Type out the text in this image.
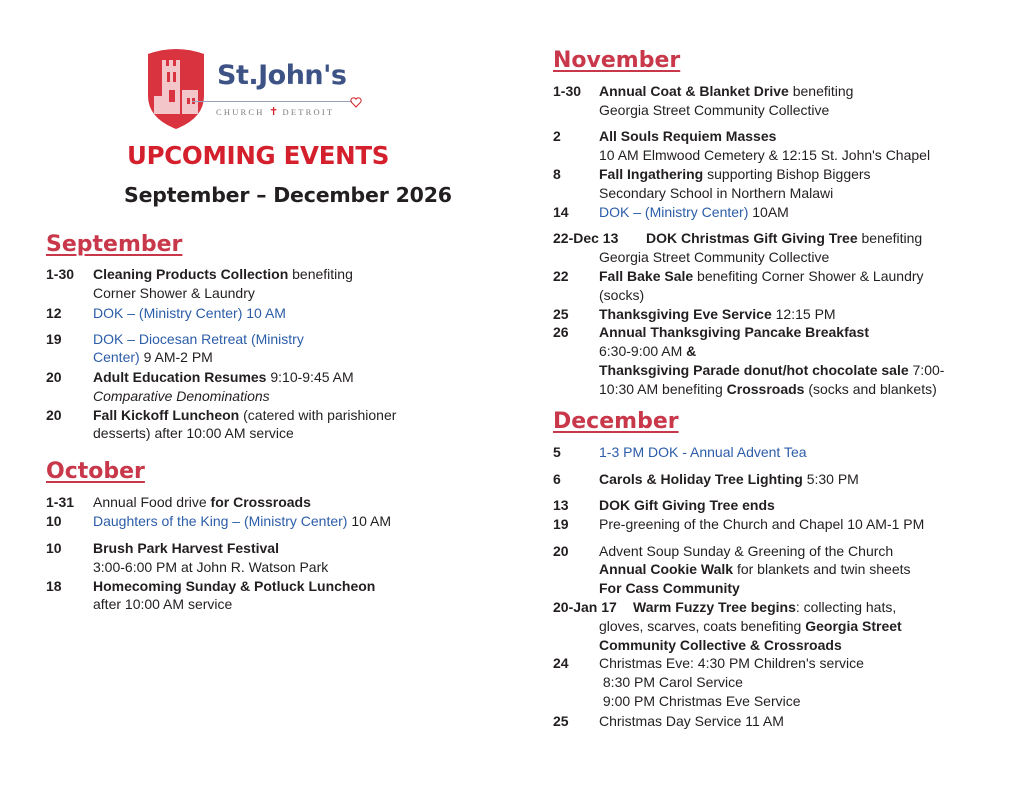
St.John's
CHURCH ✝ DETROIT
UPCOMING EVENTS
September – December 2026
September
1-30 Cleaning Products Collection benefiting
Corner Shower & Laundry
12 DOK – (Ministry Center) 10 AM
19 DOK – Diocesan Retreat (Ministry
Center) 9 AM-2 PM
20 Adult Education Resumes 9:10-9:45 AM
Comparative Denominations
20 Fall Kickoff Luncheon (catered with parishioner
desserts) after 10:00 AM service
October
1-31 Annual Food drive for Crossroads
10 Daughters of the King – (Ministry Center) 10 AM
10 Brush Park Harvest Festival
3:00-6:00 PM at John R. Watson Park
18 Homecoming Sunday & Potluck Luncheon
after 10:00 AM service
November
1-30 Annual Coat & Blanket Drive benefiting
Georgia Street Community Collective
2	All Souls Requiem Masses
10 AM Elmwood Cemetery & 12:15 St. John's Chapel
8	Fall Ingathering supporting Bishop Biggers
Secondary School in Northern Malawi
14 DOK – (Ministry Center) 10AM
22-Dec 13 DOK Christmas Gift Giving Tree benefiting
Georgia Street Community Collective
22 Fall Bake Sale benefiting Corner Shower & Laundry
(socks)
25 Thanksgiving Eve Service 12:15 PM
26 Annual Thanksgiving Pancake Breakfast
6:30-9:00 AM &
Thanksgiving Parade donut/hot chocolate sale 7:00-
10:30 AM benefiting Crossroads (socks and blankets)
December
5	1-3 PM DOK - Annual Advent Tea
6	Carols & Holiday Tree Lighting 5:30 PM
13 DOK Gift Giving Tree ends
19 Pre-greening of the Church and Chapel 10 AM-1 PM
20 Advent Soup Sunday & Greening of the Church
Annual Cookie Walk for blankets and twin sheets
For Cass Community
20-Jan 17 Warm Fuzzy Tree begins: collecting hats,
gloves, scarves, coats benefiting Georgia Street
Community Collective & Crossroads
24 Christmas Eve: 4:30 PM Children's service
8:30 PM Carol Service
9:00 PM Christmas Eve Service
25 Christmas Day Service 11 AM
